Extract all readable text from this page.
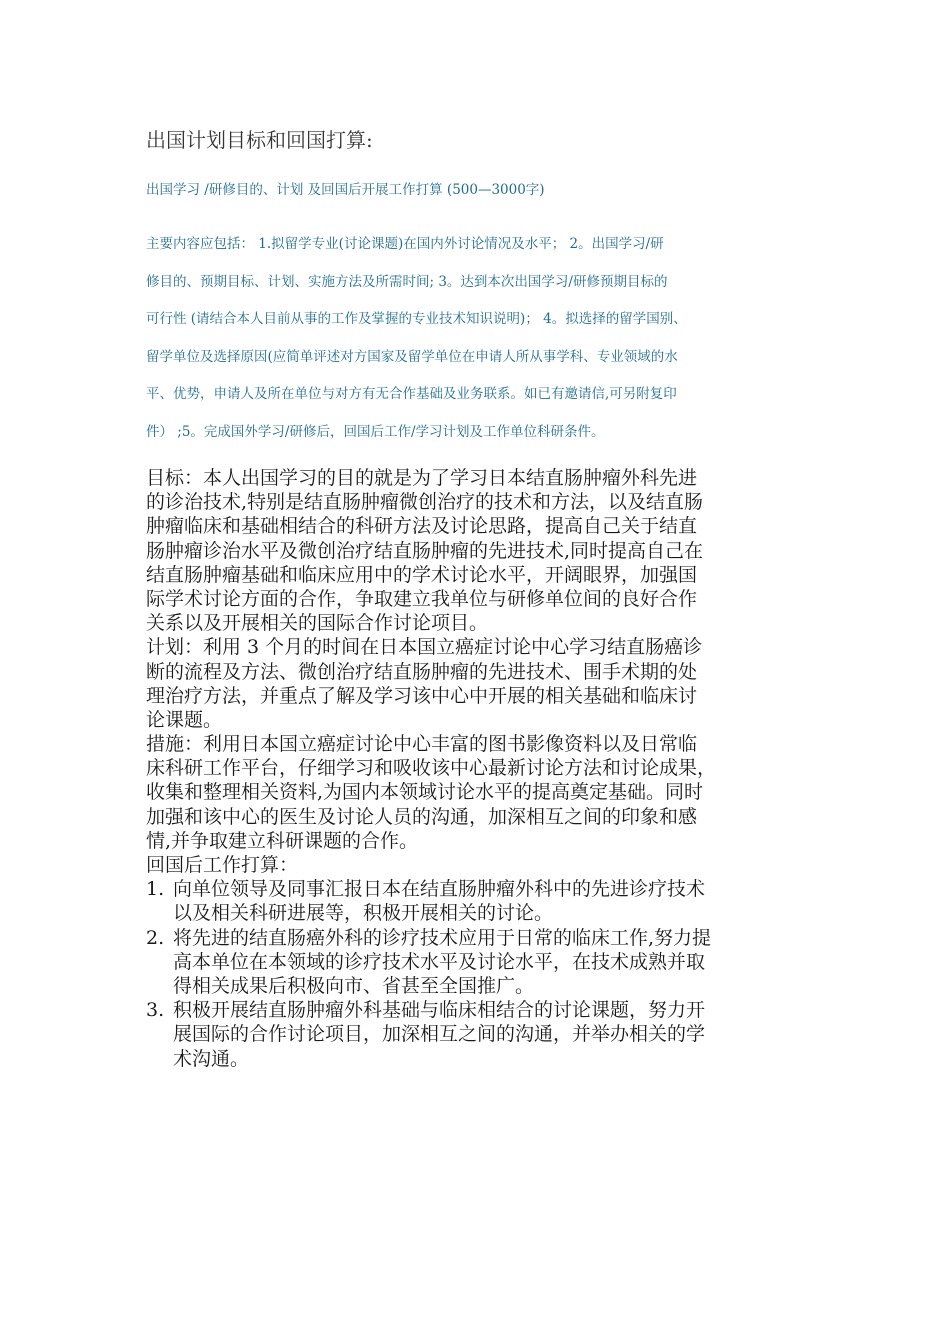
出国计划目标和回国打算:
出国学习 /研修目的、计划 及回国后开展工作打算 (500—3000字)
主要内容应包括： 1.拟留学专业(讨论课题)在国内外讨论情况及水平； 2。出国学习/研
修目的、预期目标、计划、实施方法及所需时间; 3。达到本次出国学习/研修预期目标的
可行性 (请结合本人目前从事的工作及掌握的专业技术知识说明)； 4。拟选择的留学国别、
留学单位及选择原因(应简单评述对方国家及留学单位在申请人所从事学科、专业领域的水
平、优势，申请人及所在单位与对方有无合作基础及业务联系。如已有邀请信,可另附复印
件） ;5。完成国外学习/研修后，回国后工作/学习计划及工作单位科研条件。
目标：本人出国学习的目的就是为了学习日本结直肠肿瘤外科先进
的诊治技术,特别是结直肠肿瘤微创治疗的技术和方法，以及结直肠
肿瘤临床和基础相结合的科研方法及讨论思路，提高自己关于结直
肠肿瘤诊治水平及微创治疗结直肠肿瘤的先进技术,同时提高自己在
结直肠肿瘤基础和临床应用中的学术讨论水平，开阔眼界，加强国
际学术讨论方面的合作，争取建立我单位与研修单位间的良好合作
关系以及开展相关的国际合作讨论项目。
计划：利用 3 个月的时间在日本国立癌症讨论中心学习结直肠癌诊
断的流程及方法、微创治疗结直肠肿瘤的先进技术、围手术期的处
理治疗方法，并重点了解及学习该中心中开展的相关基础和临床讨
论课题。
措施：利用日本国立癌症讨论中心丰富的图书影像资料以及日常临
床科研工作平台，仔细学习和吸收该中心最新讨论方法和讨论成果，
收集和整理相关资料,为国内本领域讨论水平的提高奠定基础。同时
加强和该中心的医生及讨论人员的沟通，加深相互之间的印象和感
情,并争取建立科研课题的合作。
回国后工作打算：
1. 向单位领导及同事汇报日本在结直肠肿瘤外科中的先进诊疗技术
以及相关科研进展等，积极开展相关的讨论。
2. 将先进的结直肠癌外科的诊疗技术应用于日常的临床工作,努力提
高本单位在本领域的诊疗技术水平及讨论水平，在技术成熟并取
得相关成果后积极向市、省甚至全国推广。
3. 积极开展结直肠肿瘤外科基础与临床相结合的讨论课题，努力开
展国际的合作讨论项目，加深相互之间的沟通，并举办相关的学
术沟通。
